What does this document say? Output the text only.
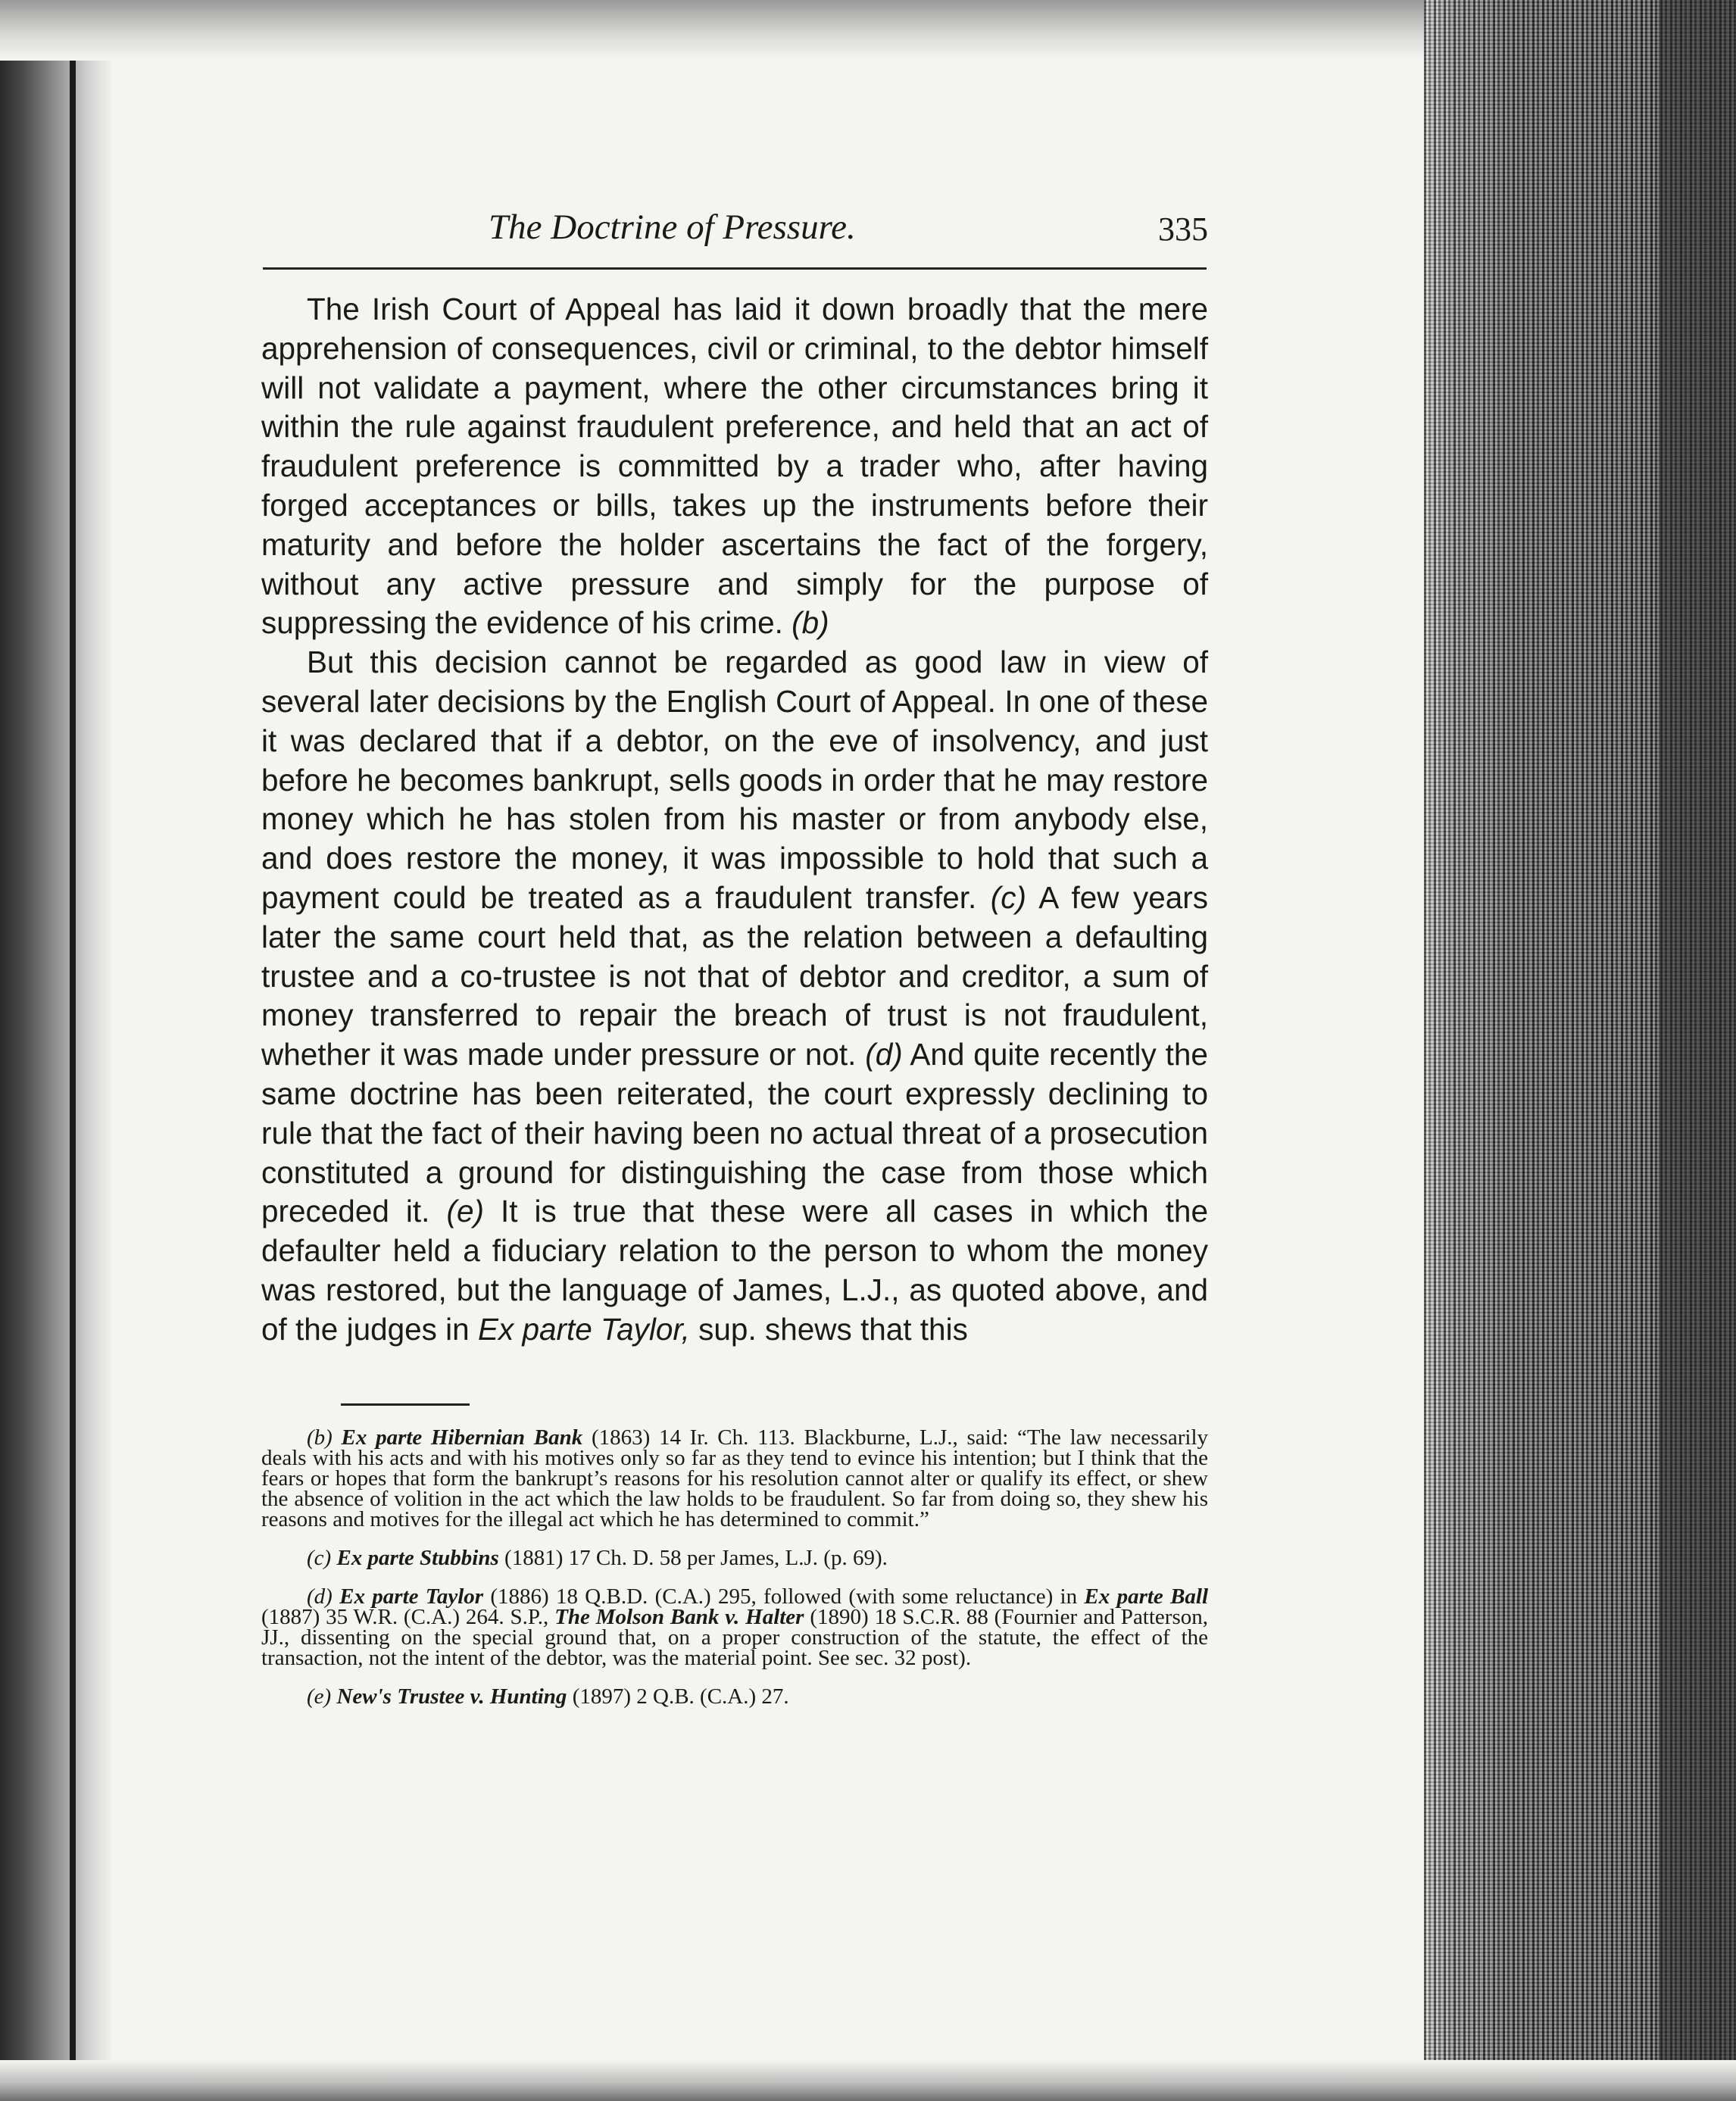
The Doctrine of Pressure.	335

The Irish Court of Appeal has laid it down broadly that the mere apprehension of consequences, civil or criminal, to the debtor himself will not validate a payment, where the other circumstances bring it within the rule against fraudulent preference, and held that an act of fraudulent preference is committed by a trader who, after having forged acceptances or bills, takes up the instruments before their maturity and before the holder ascertains the fact of the forgery, without any active pressure and simply for the purpose of suppressing the evidence of his crime. (b)

But this decision cannot be regarded as good law in view of several later decisions by the English Court of Appeal. In one of these it was declared that if a debtor, on the eve of insolvency, and just before he becomes bankrupt, sells goods in order that he may restore money which he has stolen from his master or from anybody else, and does restore the money, it was impossible to hold that such a payment could be treated as a fraudulent transfer. (c) A few years later the same court held that, as the relation between a defaulting trustee and a co-trustee is not that of debtor and creditor, a sum of money transferred to repair the breach of trust is not fraudulent, whether it was made under pressure or not. (d) And quite recently the same doctrine has been reiterated, the court expressly declining to rule that the fact of their having been no actual threat of a prosecution constituted a ground for distinguishing the case from those which preceded it. (e) It is true that these were all cases in which the defaulter held a fiduciary relation to the person to whom the money was restored, but the language of James, L.J., as quoted above, and of the judges in Ex parte Taylor, sup. shews that this

(b) Ex parte Hibernian Bank (1863) 14 Ir. Ch. 113. Blackburne, L.J., said: “The law necessarily deals with his acts and with his motives only so far as they tend to evince his intention; but I think that the fears or hopes that form the bankrupt’s reasons for his resolution cannot alter or qualify its effect, or shew the absence of volition in the act which the law holds to be fraudulent. So far from doing so, they shew his reasons and motives for the illegal act which he has determined to commit.”

(c) Ex parte Stubbins (1881) 17 Ch. D. 58 per James, L.J. (p. 69).

(d) Ex parte Taylor (1886) 18 Q.B.D. (C.A.) 295, followed (with some reluctance) in Ex parte Ball (1887) 35 W.R. (C.A.) 264. S.P., The Molson Bank v. Halter (1890) 18 S.C.R. 88 (Fournier and Patterson, JJ., dissenting on the special ground that, on a proper construction of the statute, the effect of the transaction, not the intent of the debtor, was the material point. See sec. 32 post).

(e) New's Trustee v. Hunting (1897) 2 Q.B. (C.A.) 27.
